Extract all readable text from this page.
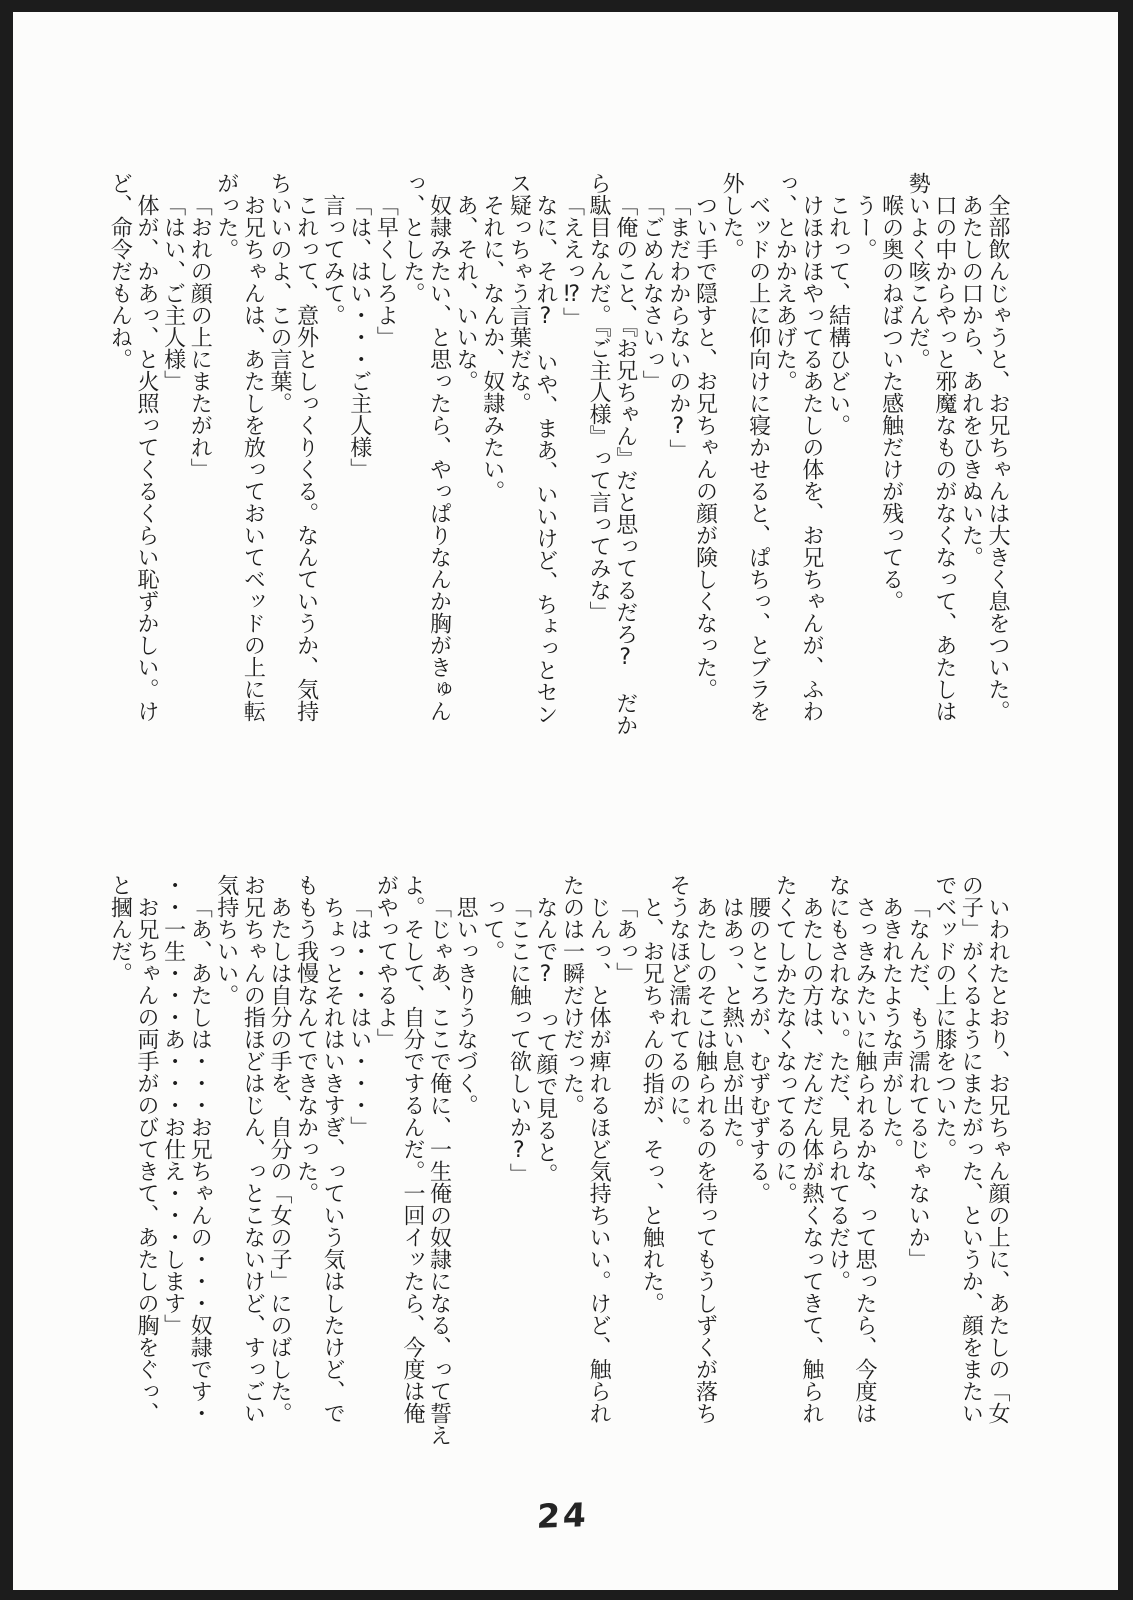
全部飲んじゃうと、お兄ちゃんは大きく息をついた。
あたしの口から、あれをひきぬいた。
口の中からやっと邪魔なものがなくなって、あたしは
勢いよく咳こんだ。
喉の奥のねばついた感触だけが残ってる。
うー。
これって、結構ひどい。
けほけほやってるあたしの体を、お兄ちゃんが、ふわ
っ、とかかえあげた。
ベッドの上に仰向けに寝かせると、ぱちっ、とブラを
外した。
つい手で隠すと、お兄ちゃんの顔が険しくなった。
「まだわからないのか?」
「ごめんなさいっ」
「俺のこと、『お兄ちゃん』だと思ってるだろ?　だか
ら駄目なんだ。『ご主人様』って言ってみな」
「ええっ⁉」
なに、それ?　いや、まあ、いいけど、ちょっとセン
ス疑っちゃう言葉だな。
それに、なんか、奴隷みたい。
あ、それ、いいな。
奴隷みたい、と思ったら、やっぱりなんか胸がきゅん
っ、とした。
「早くしろよ」
「は、はい・・・ご主人様」
言ってみて。
これって、意外としっくりくる。なんていうか、気持
ちいいのよ、この言葉。
お兄ちゃんは、あたしを放っておいてベッドの上に転
がった。
「おれの顔の上にまたがれ」
「はい、ご主人様」
体が、かあっ、と火照ってくるくらい恥ずかしい。け
ど、命令だもんね。
いわれたとおり、お兄ちゃん顔の上に、あたしの「女
の子」がくるようにまたがった、というか、顔をまたい
でベッドの上に膝をついた。
「なんだ、もう濡れてるじゃないか」
あきれたような声がした。
さっきみたいに触られるかな、って思ったら、今度は
なにもされない。ただ、見られてるだけ。
あたしの方は、だんだん体が熱くなってきて、触られ
たくてしかたなくなってるのに。
腰のところが、むずむずする。
はあっ、と熱い息が出た。
あたしのそこは触られるのを待ってもうしずくが落ち
そうなほど濡れてるのに。
と、お兄ちゃんの指が、そっ、と触れた。
「あっ」
じんっ、と体が痺れるほど気持ちいい。けど、触られ
たのは一瞬だけだった。
なんで?　って顔で見ると。
「ここに触って欲しいか?」
って。
思いっきりうなづく。
「じゃあ、ここで俺に、一生俺の奴隷になる、って誓え
よ。そして、自分でするんだ。一回イッたら、今度は俺
がやってやるよ」
「は・・・はい・・・」
ちょっとそれはいきすぎ、っていう気はしたけど、で
ももう我慢なんてできなかった。
あたしは自分の手を、自分の「女の子」にのばした。
お兄ちゃんの指ほどはじん、っとこないけど、すっごい
気持ちいい。
「あ、あたしは・・・お兄ちゃんの・・・奴隷です・
・・一生・・・あ・・・お仕え・・・します」
お兄ちゃんの両手がのびてきて、あたしの胸をぐっ、
と摑んだ。
24
